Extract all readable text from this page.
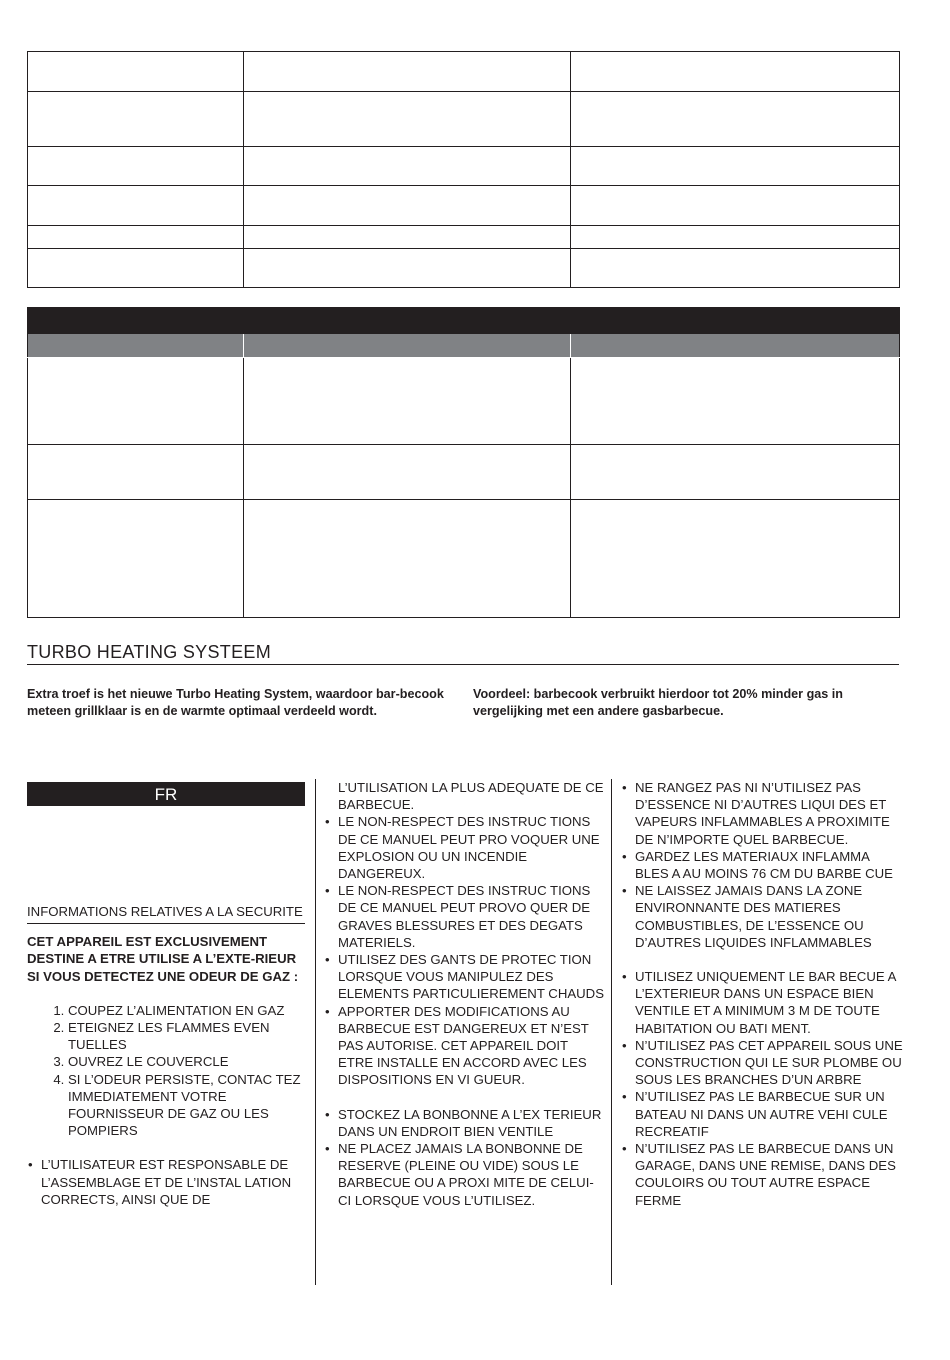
TURBO HEATING SYSTEEM
Extra troef is het nieuwe Turbo Heating System, waardoor bar-becook meteen grillklaar is en de warmte optimaal verdeeld wordt.
Voordeel: barbecook verbruikt hierdoor tot 20% minder gas in vergelijking met een andere gasbarbecue.
FR
INFORMATIONS RELATIVES A LA SECURITE
CET APPAREIL EST EXCLUSIVEMENT DESTINE A ETRE UTILISE A L’EXTE-RIEUR
SI VOUS DETECTEZ UNE ODEUR DE GAZ :
1. COUPEZ L’ALIMENTATION EN GAZ
2. ETEIGNEZ LES FLAMMES EVEN TUELLES
3. OUVREZ LE COUVERCLE
4. SI L’ODEUR PERSISTE, CONTAC TEZ IMMEDIATEMENT VOTRE FOURNISSEUR DE GAZ OU LES POMPIERS
• L’UTILISATEUR EST RESPONSABLE DE L’ASSEMBLAGE ET DE L’INSTAL LATION CORRECTS, AINSI QUE DE
L’UTILISATION LA PLUS ADEQUATE DE CE BARBECUE.
• LE NON-RESPECT DES INSTRUC TIONS DE CE MANUEL PEUT PRO VOQUER UNE EXPLOSION OU UN INCENDIE DANGEREUX.
• LE NON-RESPECT DES INSTRUC TIONS DE CE MANUEL PEUT PROVO QUER DE GRAVES BLESSURES ET DES DEGATS MATERIELS.
• UTILISEZ DES GANTS DE PROTEC TION LORSQUE VOUS MANIPULEZ DES ELEMENTS PARTICULIEREMENT CHAUDS
• APPORTER DES MODIFICATIONS AU BARBECUE EST DANGEREUX ET N’EST PAS AUTORISE. CET APPAREIL DOIT ETRE INSTALLE EN ACCORD AVEC LES DISPOSITIONS EN VI GUEUR.
• STOCKEZ LA BONBONNE A L’EX TERIEUR DANS UN ENDROIT BIEN VENTILE
• NE PLACEZ JAMAIS LA BONBONNE DE RESERVE (PLEINE OU VIDE) SOUS LE BARBECUE OU A PROXI MITE DE CELUI-CI LORSQUE VOUS L’UTILISEZ.
• NE RANGEZ PAS NI N’UTILISEZ PAS D’ESSENCE NI D’AUTRES LIQUI DES ET VAPEURS INFLAMMABLES A PROXIMITE DE N’IMPORTE QUEL BARBECUE.
• GARDEZ LES MATERIAUX INFLAMMA BLES A AU MOINS 76 CM DU BARBE CUE
• NE LAISSEZ JAMAIS DANS LA ZONE ENVIRONNANTE DES MATIERES COMBUSTIBLES, DE L’ESSENCE OU D’AUTRES LIQUIDES INFLAMMABLES
• UTILISEZ UNIQUEMENT LE BAR BECUE A L’EXTERIEUR DANS UN ESPACE BIEN VENTILE ET A MINIMUM 3 M DE TOUTE HABITATION OU BATI MENT.
• N’UTILISEZ PAS CET APPAREIL SOUS UNE CONSTRUCTION QUI LE SUR PLOMBE OU SOUS LES BRANCHES D’UN ARBRE
• N’UTILISEZ PAS LE BARBECUE SUR UN BATEAU NI DANS UN AUTRE VEHI CULE RECREATIF
• N’UTILISEZ PAS LE BARBECUE DANS UN GARAGE, DANS UNE REMISE, DANS DES COULOIRS OU TOUT AUTRE ESPACE FERME
